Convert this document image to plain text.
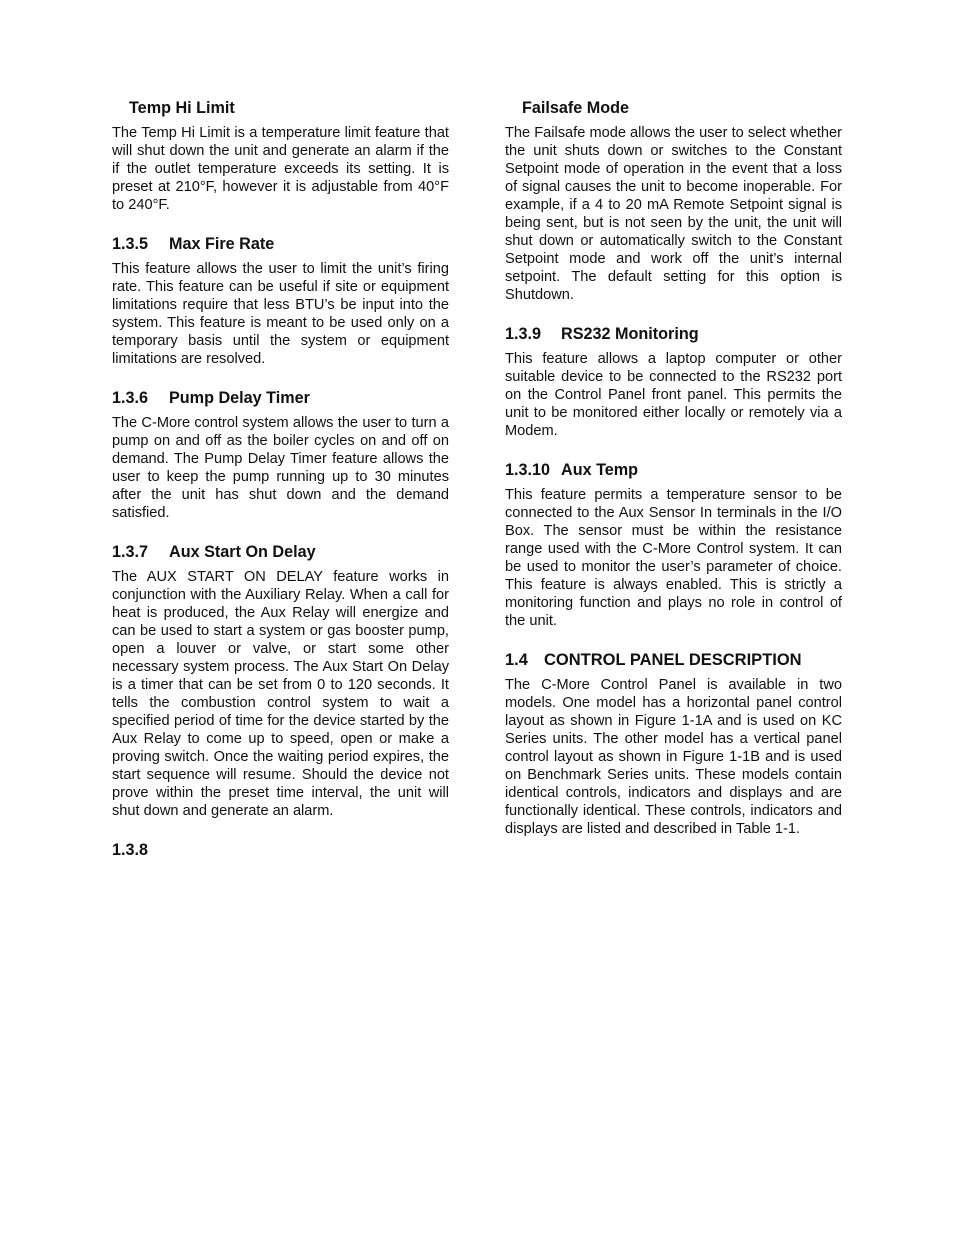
Temp Hi Limit

The Temp Hi Limit is a temperature limit feature that will shut down the unit and generate an alarm if the if the outlet temperature exceeds its setting. It is preset at 210°F, however it is adjustable from 40°F to 240°F.

1.3.5 Max Fire Rate

This feature allows the user to limit the unit’s firing rate. This feature can be useful if site or equipment limitations require that less BTU’s be input into the system. This feature is meant to be used only on a temporary basis until the system or equipment limitations are resolved.

1.3.6 Pump Delay Timer

The C-More control system allows the user to turn a pump on and off as the boiler cycles on and off on demand. The Pump Delay Timer feature allows the user to keep the pump running up to 30 minutes after the unit has shut down and the demand satisfied.

1.3.7 Aux Start On Delay

The AUX START ON DELAY feature works in conjunction with the Auxiliary Relay. When a call for heat is produced, the Aux Relay will energize and can be used to start a system or gas booster pump, open a louver or valve, or start some other necessary system process. The Aux Start On Delay is a timer that can be set from 0 to 120 seconds. It tells the combustion control system to wait a specified period of time for the device started by the Aux Relay to come up to speed, open or make a proving switch. Once the waiting period expires, the start sequence will resume. Should the device not prove within the preset time interval, the unit will shut down and generate an alarm.

1.3.8
Failsafe Mode

The Failsafe mode allows the user to select whether the unit shuts down or switches to the Constant Setpoint mode of operation in the event that a loss of signal causes the unit to become inoperable. For example, if a 4 to 20 mA Remote Setpoint signal is being sent, but is not seen by the unit, the unit will shut down or automatically switch to the Constant Setpoint mode and work off the unit’s internal setpoint. The default setting for this option is Shutdown.

1.3.9 RS232 Monitoring

This feature allows a laptop computer or other suitable device to be connected to the RS232 port on the Control Panel front panel. This permits the unit to be monitored either locally or remotely via a Modem.

1.3.10 Aux Temp

This feature permits a temperature sensor to be connected to the Aux Sensor In terminals in the I/O Box. The sensor must be within the resistance range used with the C-More Control system. It can be used to monitor the user’s parameter of choice. This feature is always enabled. This is strictly a monitoring function and plays no role in control of the unit.

1.4 CONTROL PANEL DESCRIPTION

The C-More Control Panel is available in two models. One model has a horizontal panel control layout as shown in Figure 1-1A and is used on KC Series units. The other model has a vertical panel control layout as shown in Figure 1-1B and is used on Benchmark Series units. These models contain identical controls, indicators and displays and are functionally identical. These controls, indicators and displays are listed and described in Table 1-1.
